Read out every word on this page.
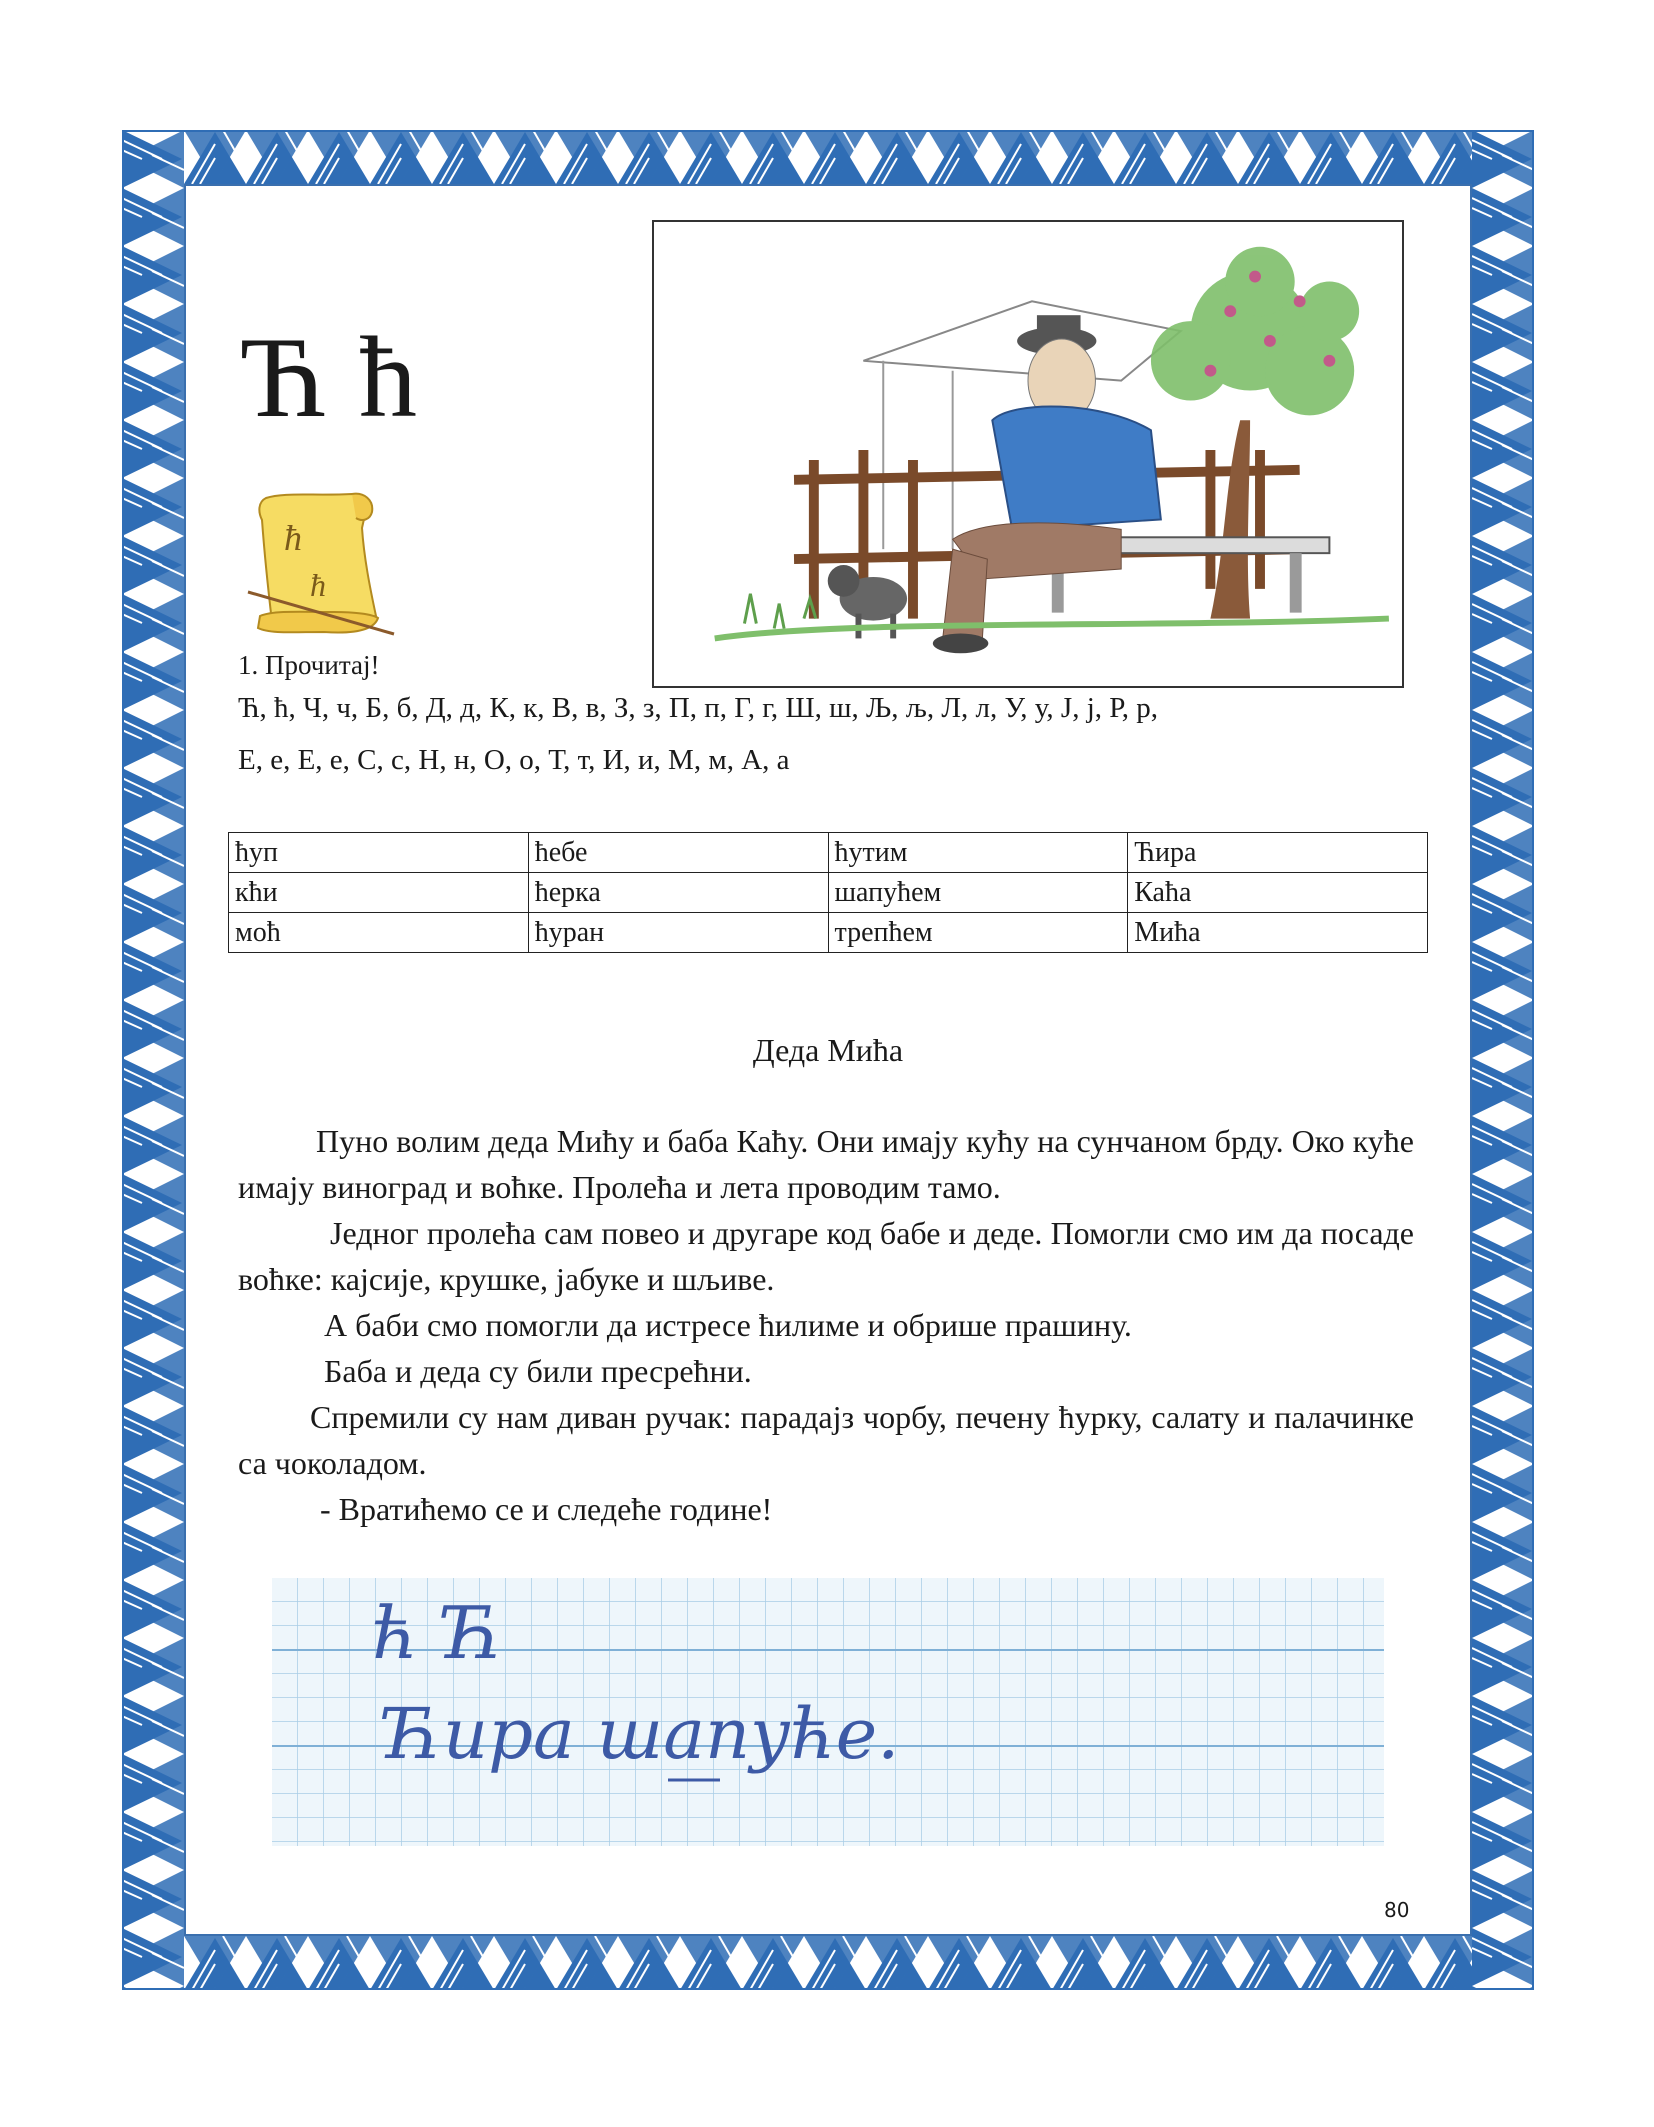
Ћ ћ
ћ
ћ
1. Прочитај!
Ћ, ћ, Ч, ч, Б, б, Д, д, К, к, В, в, З, з, П, п, Г, г, Ш, ш, Љ, љ, Л, л, У, у, Ј, ј, Р, р,
Е, е, Е, е, С, с, Н, н, О, о, Т, т, И, и, М, м, А, а
ћуп	ћебе	ћутим	Ћира
кћи	ћерка	шапућем	Каћа
моћ	ћуран	трепћем	Мића
Деда Мића

Пуно волим деда Мићу и баба Каћу. Они имају кућу на сунчаном брду. Око куће имају виноград и воћке. Пролећа и лета проводим тамо.

Једног пролећа сам повео и другаре код бабе и деде. Помогли смо им да посаде воћке: кајсије, крушке, јабуке и шљиве.

А баби смо помогли да истресе ћилиме и обрише прашину.

Баба и деда су били пресрећни.

Спремили су нам диван ручак: парадајз чорбу, печену ћурку, салату и палачинке са чоколадом.

- Вратићемо се и следеће године!

ћ Ћ
Ћира шапуће.
80
